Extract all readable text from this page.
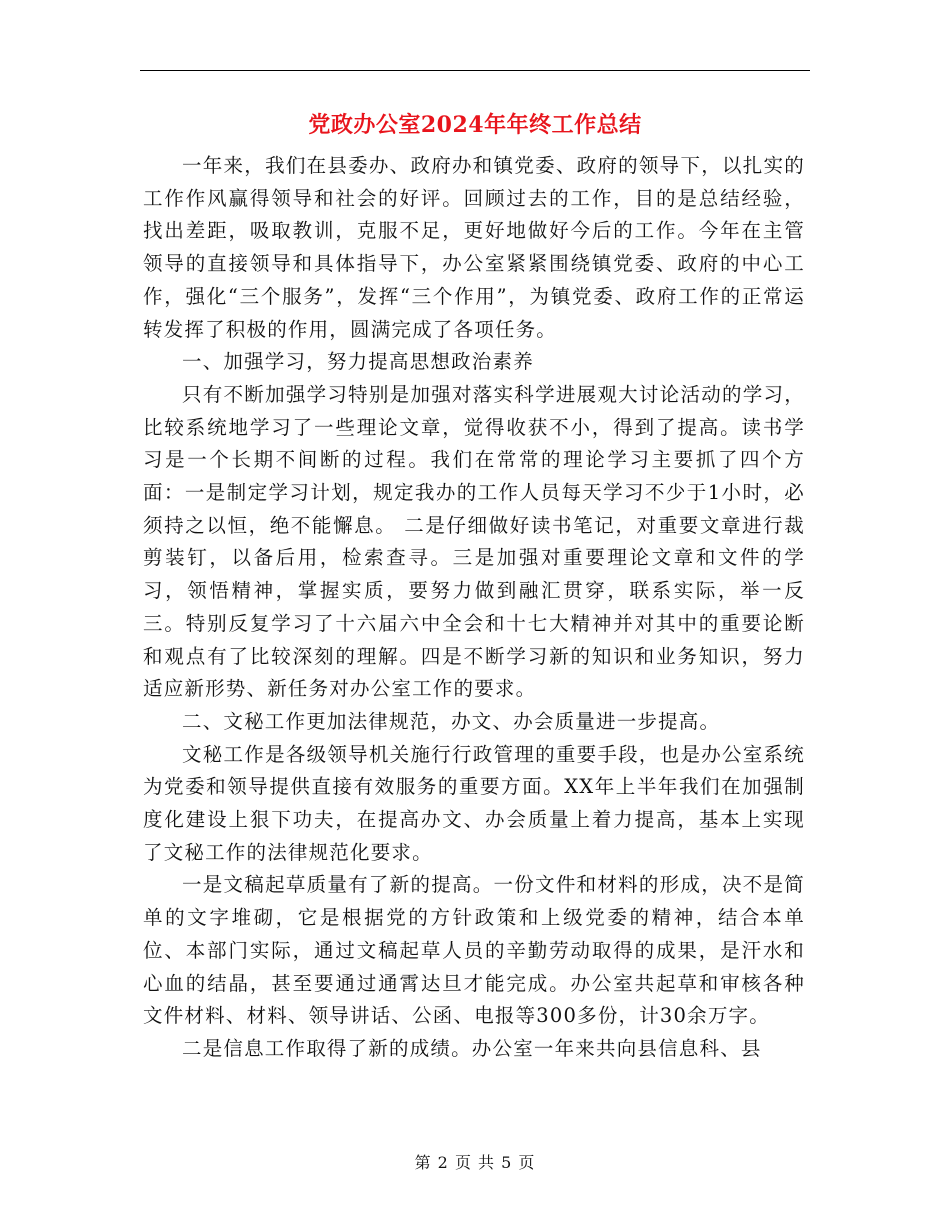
党政办公室2024年年终工作总结

一年来，我们在县委办、政府办和镇党委、政府的领导下，以扎实的工作作风赢得领导和社会的好评。回顾过去的工作，目的是总结经验，找出差距，吸取教训，克服不足，更好地做好今后的工作。今年在主管领导的直接领导和具体指导下，办公室紧紧围绕镇党委、政府的中心工作，强化“三个服务”，发挥“三个作用”，为镇党委、政府工作的正常运转发挥了积极的作用，圆满完成了各项任务。

一、加强学习，努力提高思想政治素养

只有不断加强学习特别是加强对落实科学进展观大讨论活动的学习，比较系统地学习了一些理论文章，觉得收获不小，得到了提高。读书学习是一个长期不间断的过程。我们在常常的理论学习主要抓了四个方面：一是制定学习计划，规定我办的工作人员每天学习不少于1小时，必须持之以恒，绝不能懈息。 二是仔细做好读书笔记，对重要文章进行裁剪装钉，以备后用，检索查寻。三是加强对重要理论文章和文件的学习，领悟精神，掌握实质，要努力做到融汇贯穿，联系实际，举一反三。特别反复学习了十六届六中全会和十七大精神并对其中的重要论断和观点有了比较深刻的理解。四是不断学习新的知识和业务知识，努力适应新形势、新任务对办公室工作的要求。

二、文秘工作更加法律规范，办文、办会质量进一步提高。

文秘工作是各级领导机关施行行政管理的重要手段，也是办公室系统为党委和领导提供直接有效服务的重要方面。XX年上半年我们在加强制度化建设上狠下功夫，在提高办文、办会质量上着力提高，基本上实现了文秘工作的法律规范化要求。

一是文稿起草质量有了新的提高。一份文件和材料的形成，决不是简单的文字堆砌，它是根据党的方针政策和上级党委的精神，结合本单位、本部门实际，通过文稿起草人员的辛勤劳动取得的成果，是汗水和心血的结晶，甚至要通过通霄达旦才能完成。办公室共起草和审核各种文件材料、材料、领导讲话、公函、电报等300多份，计30余万字。

二是信息工作取得了新的成绩。办公室一年来共向县信息科、县

第 2 页 共 5 页
